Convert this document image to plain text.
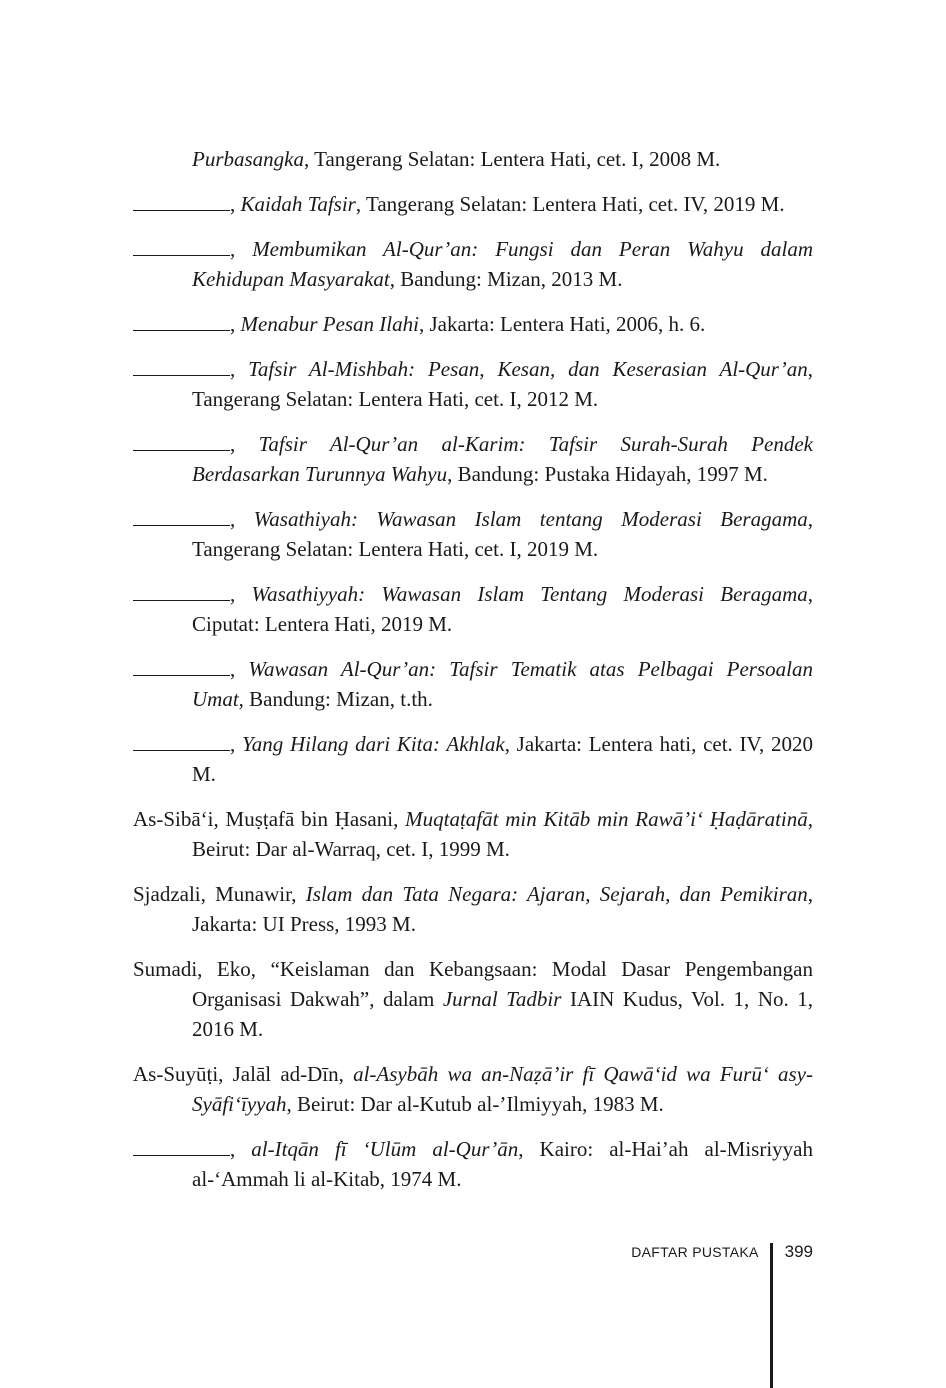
Purbasangka, Tangerang Selatan: Lentera Hati, cet. I, 2008 M.

, Kaidah Tafsir, Tangerang Selatan: Lentera Hati, cet. IV, 2019 M.

, Membumikan Al-Qur’an: Fungsi dan Peran Wahyu dalam Kehidupan Masyarakat, Bandung: Mizan, 2013 M.

, Menabur Pesan Ilahi, Jakarta: Lentera Hati, 2006, h. 6.

, Tafsir Al-Mishbah: Pesan, Kesan, dan Keserasian Al-Qur’an, Tangerang Selatan: Lentera Hati, cet. I, 2012 M.

, Tafsir Al-Qur’an al-Karim: Tafsir Surah-Surah Pendek Berdasarkan Turunnya Wahyu, Bandung: Pustaka Hidayah, 1997 M.

, Wasathiyah: Wawasan Islam tentang Moderasi Beragama, Tangerang Selatan: Lentera Hati, cet. I, 2019 M.

, Wasathiyyah: Wawasan Islam Tentang Moderasi Beragama, Ciputat: Lentera Hati, 2019 M.

, Wawasan Al-Qur’an: Tafsir Tematik atas Pelbagai Persoalan Umat, Bandung: Mizan, t.th.

, Yang Hilang dari Kita: Akhlak, Jakarta: Lentera hati, cet. IV, 2020 M.

As-Sibā‘i, Muṣṭafā bin Ḥasani, Muqtaṭafāt min Kitāb min Rawā’i‘ Ḥaḍāratinā, Beirut: Dar al-Warraq, cet. I, 1999 M.

Sjadzali, Munawir, Islam dan Tata Negara: Ajaran, Sejarah, dan Pemikiran, Jakarta: UI Press, 1993 M.

Sumadi, Eko, “Keislaman dan Kebangsaan: Modal Dasar Pengembangan Organisasi Dakwah”, dalam Jurnal Tadbir IAIN Kudus, Vol. 1, No. 1, 2016 M.

As-Suyūṭi, Jalāl ad-Dīn, al-Asybāh wa an-Naẓā’ir fī Qawā‘id wa Furū‘ asy-Syāfi‘īyyah, Beirut: Dar al-Kutub al-’Ilmiyyah, 1983 M.

, al-Itqān fī ‘Ulūm al-Qur’ān, Kairo: al-Hai’ah al-Misriyyah al-‘Ammah li al-Kitab, 1974 M.

DAFTAR PUSTAKA 399
